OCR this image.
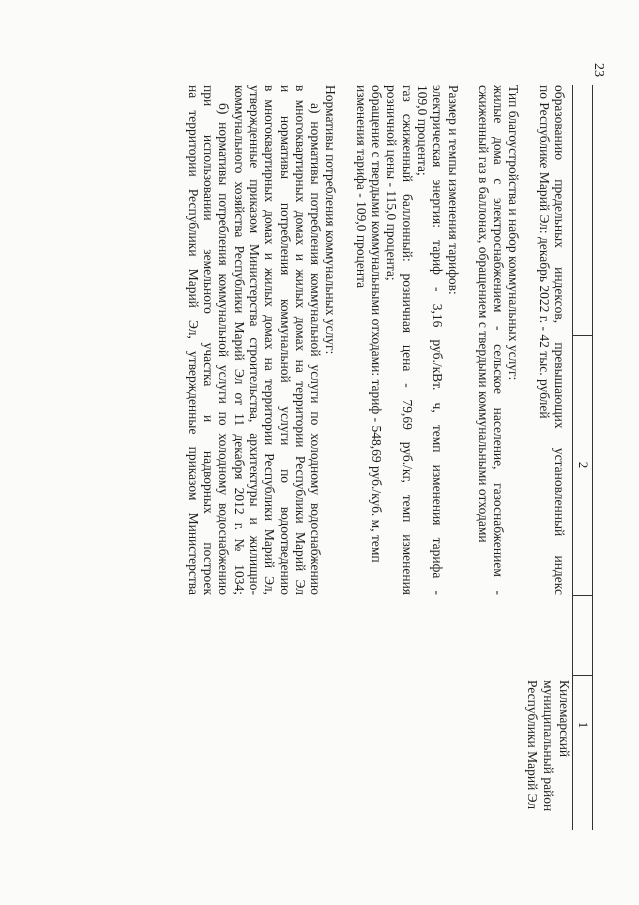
23
2
1

образованию предельных индексов, превышающих установленный индекс

по Республике Марий Эл: декабрь 2022 г. - 42 тыс. рублей

Тип благоустройства и набор коммунальных услуг:

жилые дома с электроснабжением - сельское население, газоснабжением -

сжиженный газ в баллонах, обращением с твердыми коммунальными отходами

Размер и темпы изменения тарифов:

электрическая энергия: тариф - 3,16 руб./кВт. ч, темп изменения тарифа -

109,0 процента;

газ сжиженный баллонный: розничная цена - 79,69 руб./кг, темп изменения

розничной цены - 115,0 процента;

обращение с твердыми коммунальными отходами: тариф - 548,69 руб./куб. м, темп

изменения тарифа - 109,0 процента

Нормативы потребления коммунальных услуг:

а) нормативы потребления коммунальной услуги по холодному водоснабжению

в многоквартирных домах и жилых домах на территории Республики Марий Эл

и нормативы потребления коммунальной услуги по водоотведению

в многоквартирных домах и жилых домах на территории Республики Марий Эл,

утвержденные приказом Министерства строительства, архитектуры и жилищно-

коммунального хозяйства Республики Марий Эл от 11 декабря 2012 г. № 1034;

б) нормативы потребления коммунальной услуги по холодному водоснабжению

при использовании земельного участка и надворных построек

на территории Республики Марий Эл, утвержденные приказом Министерства

Килемарский
муниципальный район
Республики Марий Эл
